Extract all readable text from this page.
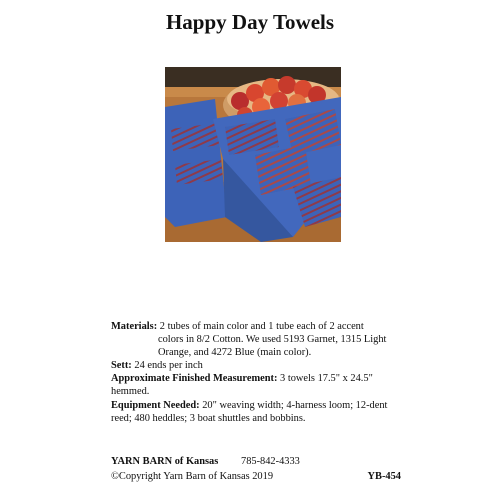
Happy Day Towels

Materials: 2 tubes of main color and 1 tube each of 2 accent
colors in 8/2 Cotton. We used 5193 Garnet, 1315 Light
Orange, and 4272 Blue (main color).

Sett: 24 ends per inch

Approximate Finished Measurement: 3 towels 17.5" x 24.5"
hemmed.

Equipment Needed: 20" weaving width; 4-harness loom; 12-dent
reed; 480 heddles; 3 boat shuttles and bobbins.

YARN BARN of Kansas 785-842-4333
©Copyright Yarn Barn of Kansas 2019	YB-454
